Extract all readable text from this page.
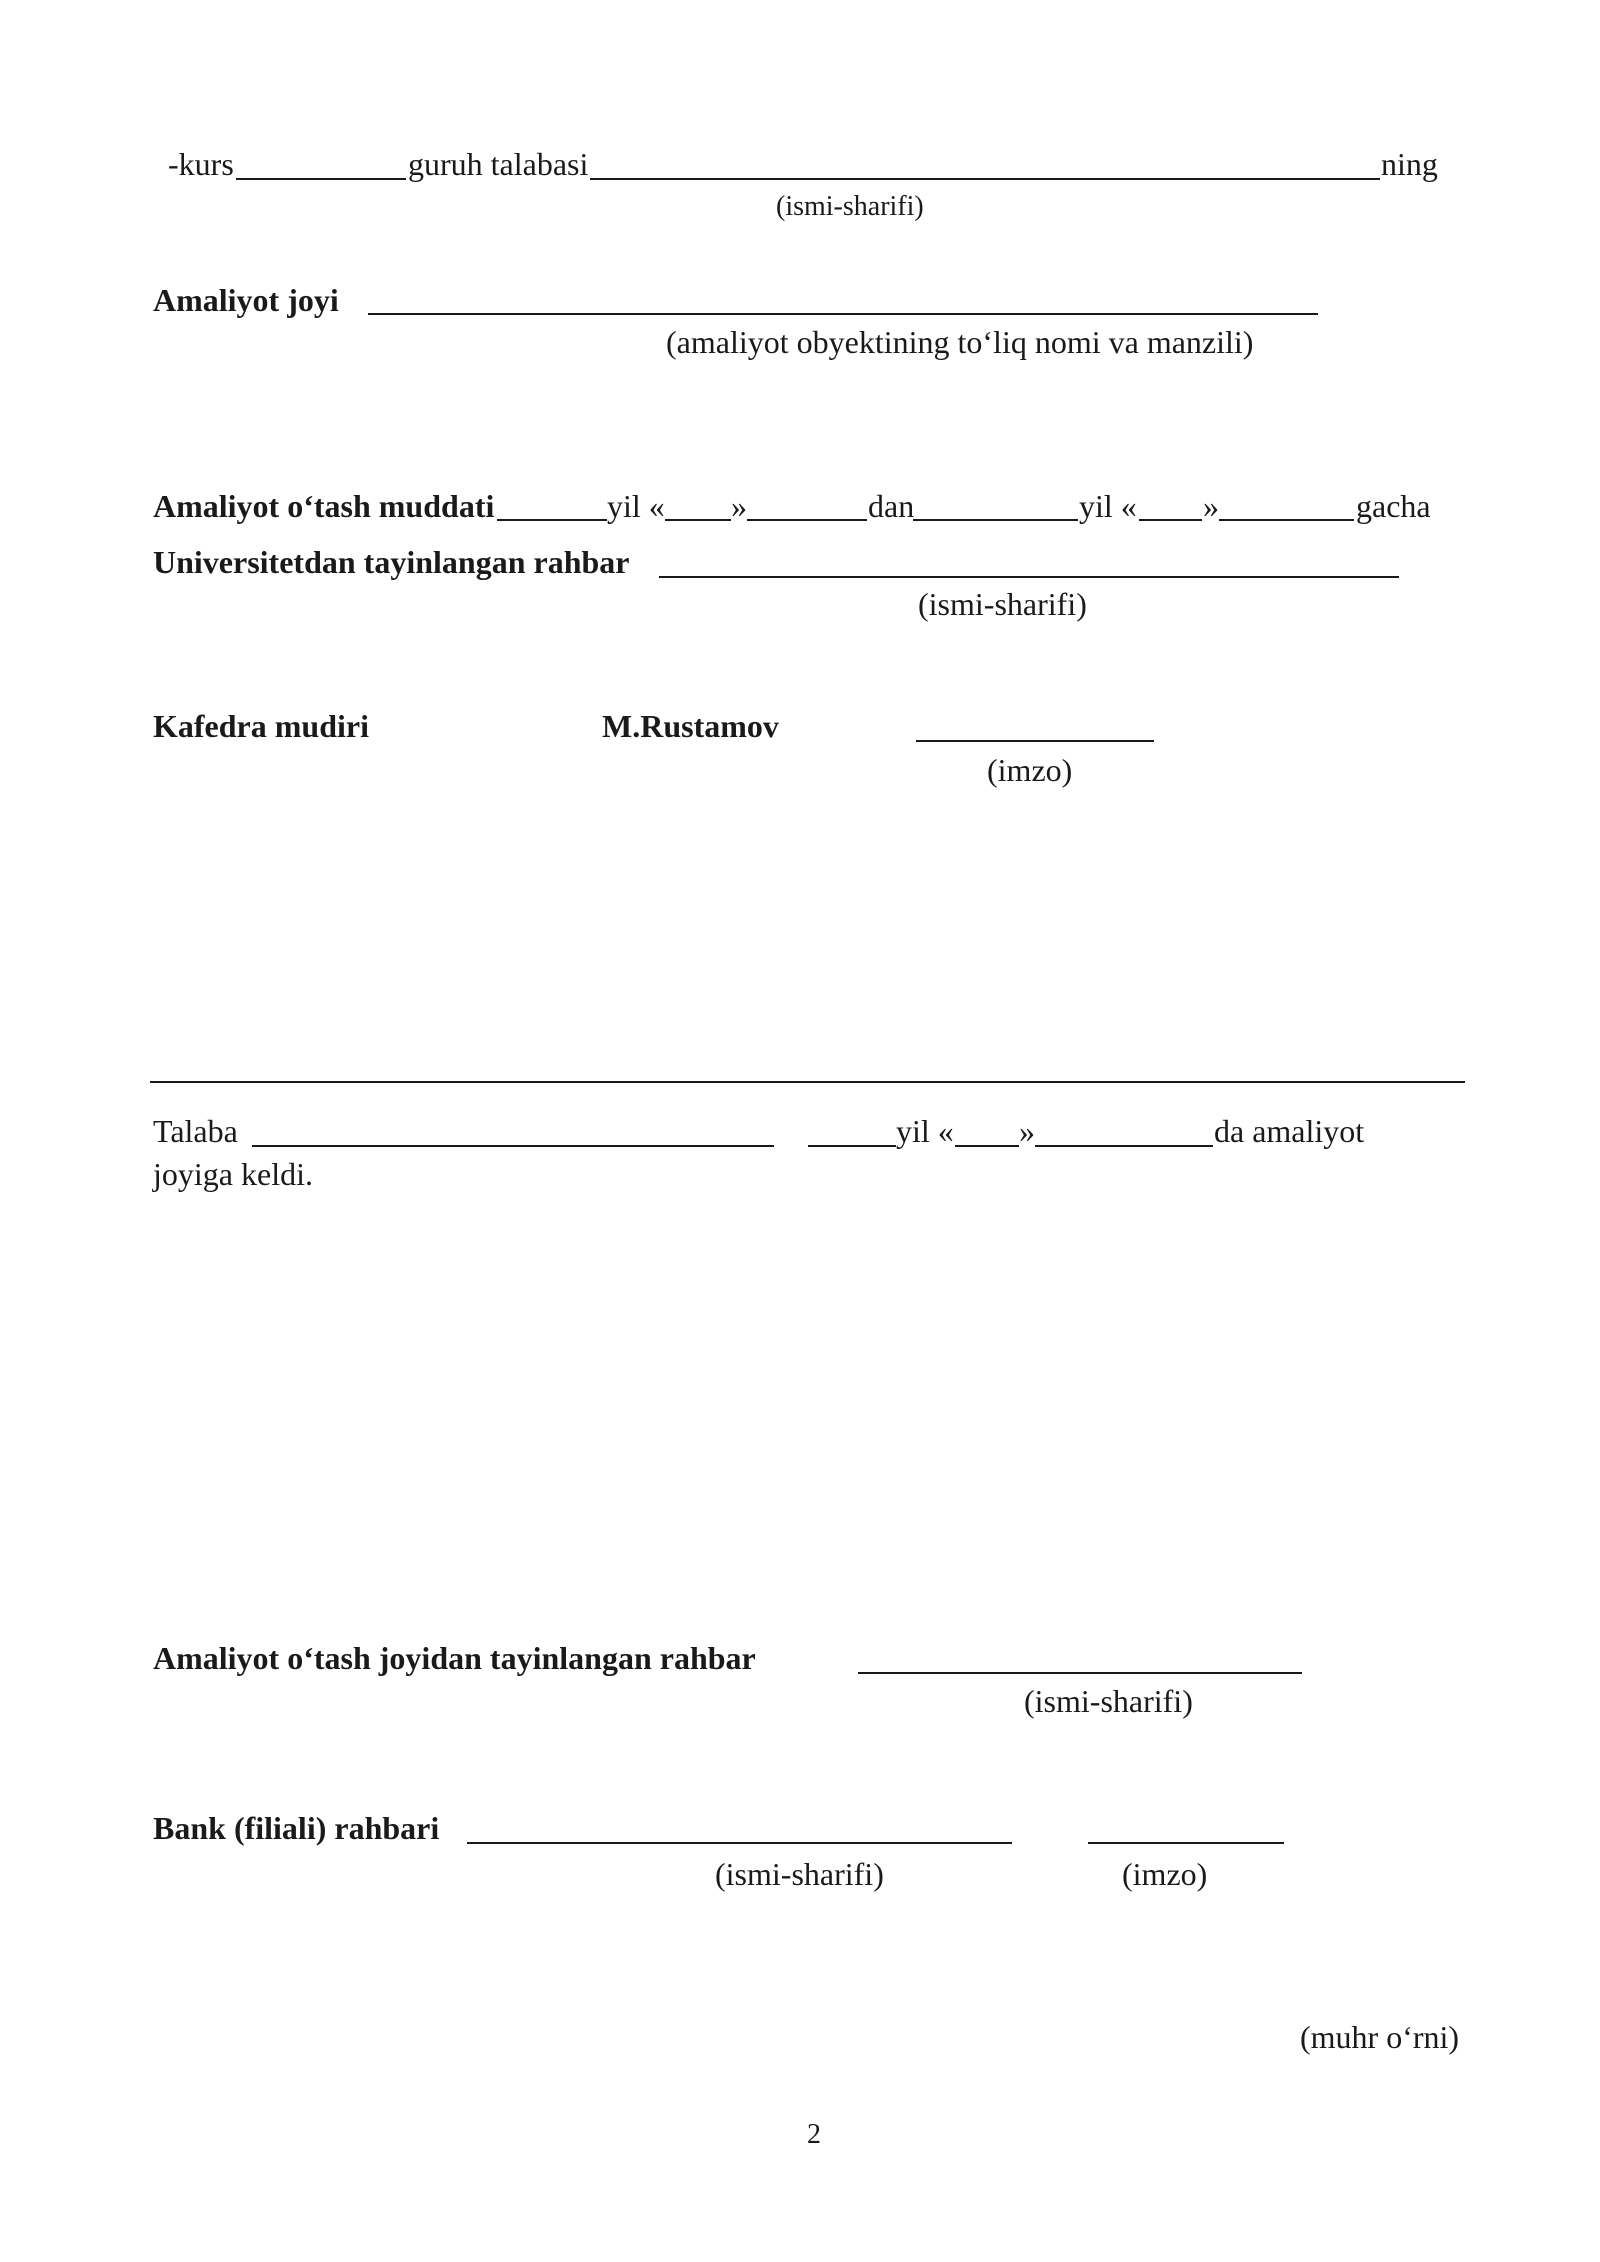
-kurs	guruh talabasi	ning
(ismi-sharifi)
Amaliyot joyi
(amaliyot obyektining to‘liq nomi va manzili)
Amaliyot o‘tash muddati	yil « »	dan	yil « »	gacha
Universitetdan tayinlangan rahbar
(ismi-sharifi)
Kafedra mudiri	M.Rustamov
(imzo)
Talaba	yil « »	da amaliyot
joyiga keldi.
Amaliyot o‘tash joyidan tayinlangan rahbar
(ismi-sharifi)
Bank (filiali) rahbari
(ismi-sharifi)	(imzo)
(muhr o‘rni)
2
